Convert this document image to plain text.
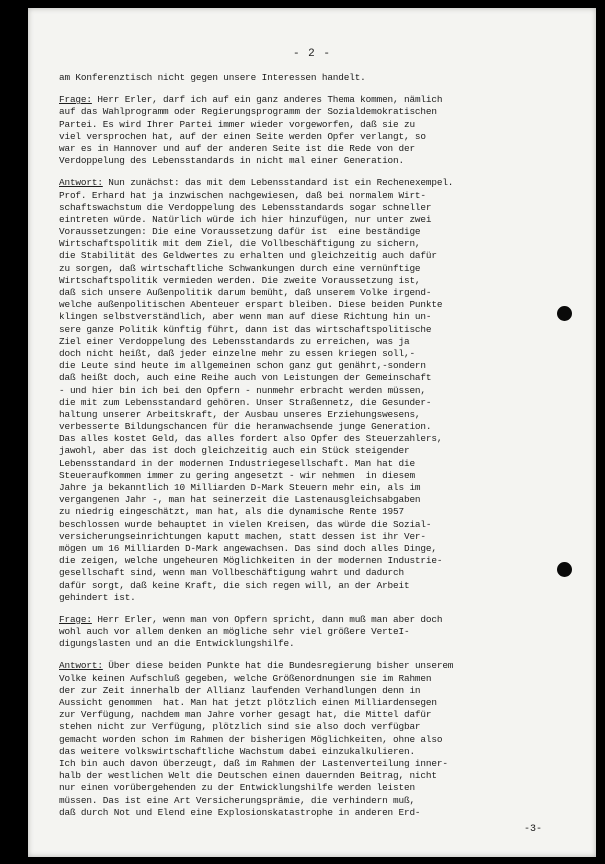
- 2 -
am Konferenztisch nicht gegen unsere Interessen handelt.
Frage: Herr Erler, darf ich auf ein ganz anderes Thema kommen, nämlich
auf das Wahlprogramm oder Regierungsprogramm der Sozialdemokratischen
Partei. Es wird Ihrer Partei immer wieder vorgeworfen, daß sie zu
viel versprochen hat, auf der einen Seite werden Opfer verlangt, so
war es in Hannover und auf der anderen Seite ist die Rede von der
Verdoppelung des Lebensstandards in nicht mal einer Generation.
Antwort: Nun zunächst: das mit dem Lebensstandard ist ein Rechenexempel.
Prof. Erhard hat ja inzwischen nachgewiesen, daß bei normalem Wirt-
schaftswachstum die Verdoppelung des Lebensstandards sogar schneller
eintreten würde. Natürlich würde ich hier hinzufügen, nur unter zwei
Voraussetzungen: Die eine Voraussetzung dafür ist  eine beständige
Wirtschaftspolitik mit dem Ziel, die Vollbeschäftigung zu sichern,
die Stabilität des Geldwertes zu erhalten und gleichzeitig auch dafür
zu sorgen, daß wirtschaftliche Schwankungen durch eine vernünftige
Wirtschaftspolitik vermieden werden. Die zweite Voraussetzung ist,
daß sich unsere Außenpolitik darum bemüht, daß unserem Volke irgend-
welche außenpolitischen Abenteuer erspart bleiben. Diese beiden Punkte
klingen selbstverständlich, aber wenn man auf diese Richtung hin un-
sere ganze Politik künftig führt, dann ist das wirtschaftspolitische
Ziel einer Verdoppelung des Lebensstandards zu erreichen, was ja
doch nicht heißt, daß jeder einzelne mehr zu essen kriegen soll,-
die Leute sind heute im allgemeinen schon ganz gut genährt,-sondern
daß heißt doch, auch eine Reihe auch von Leistungen der Gemeinschaft
- und hier bin ich bei den Opfern - nunmehr erbracht werden müssen,
die mit zum Lebensstandard gehören. Unser Straßennetz, die Gesunder-
haltung unserer Arbeitskraft, der Ausbau unseres Erziehungswesens,
verbesserte Bildungschancen für die heranwachsende junge Generation.
Das alles kostet Geld, das alles fordert also Opfer des Steuerzahlers,
jawohl, aber das ist doch gleichzeitig auch ein Stück steigender
Lebensstandard in der modernen Industriegesellschaft. Man hat die
Steueraufkommen immer zu gering angesetzt - wir nehmen  in diesem
Jahre ja bekanntlich 10 Milliarden D-Mark Steuern mehr ein, als im
vergangenen Jahr -, man hat seinerzeit die Lastenausgleichsabgaben
zu niedrig eingeschätzt, man hat, als die dynamische Rente 1957
beschlossen wurde behauptet in vielen Kreisen, das würde die Sozial-
versicherungseinrichtungen kaputt machen, statt dessen ist ihr Ver-
mögen um 16 Milliarden D-Mark angewachsen. Das sind doch alles Dinge,
die zeigen, welche ungeheuren Möglichkeiten in der modernen Industrie-
gesellschaft sind, wenn man Vollbeschäftigung wahrt und dadurch
dafür sorgt, daß keine Kraft, die sich regen will, an der Arbeit
gehindert ist.
Frage: Herr Erler, wenn man von Opfern spricht, dann muß man aber doch
wohl auch vor allem denken an mögliche sehr viel größere VerteI-
digungslasten und an die Entwicklungshilfe.
Antwort: Über diese beiden Punkte hat die Bundesregierung bisher unserem
Volke keinen Aufschluß gegeben, welche Größenordnungen sie im Rahmen
der zur Zeit innerhalb der Allianz laufenden Verhandlungen denn in
Aussicht genommen  hat. Man hat jetzt plötzlich einen Milliardensegen
zur Verfügung, nachdem man Jahre vorher gesagt hat, die Mittel dafür
stehen nicht zur Verfügung, plötzlich sind sie also doch verfügbar
gemacht worden schon im Rahmen der bisherigen Möglichkeiten, ohne also
das weitere volkswirtschaftliche Wachstum dabei einzukalkulieren.
Ich bin auch davon überzeugt, daß im Rahmen der Lastenverteilung inner-
halb der westlichen Welt die Deutschen einen dauernden Beitrag, nicht
nur einen vorübergehenden zu der Entwicklungshilfe werden leisten
müssen. Das ist eine Art Versicherungsprämie, die verhindern muß,
daß durch Not und Elend eine Explosionskatastrophe in anderen Erd-
-3-
